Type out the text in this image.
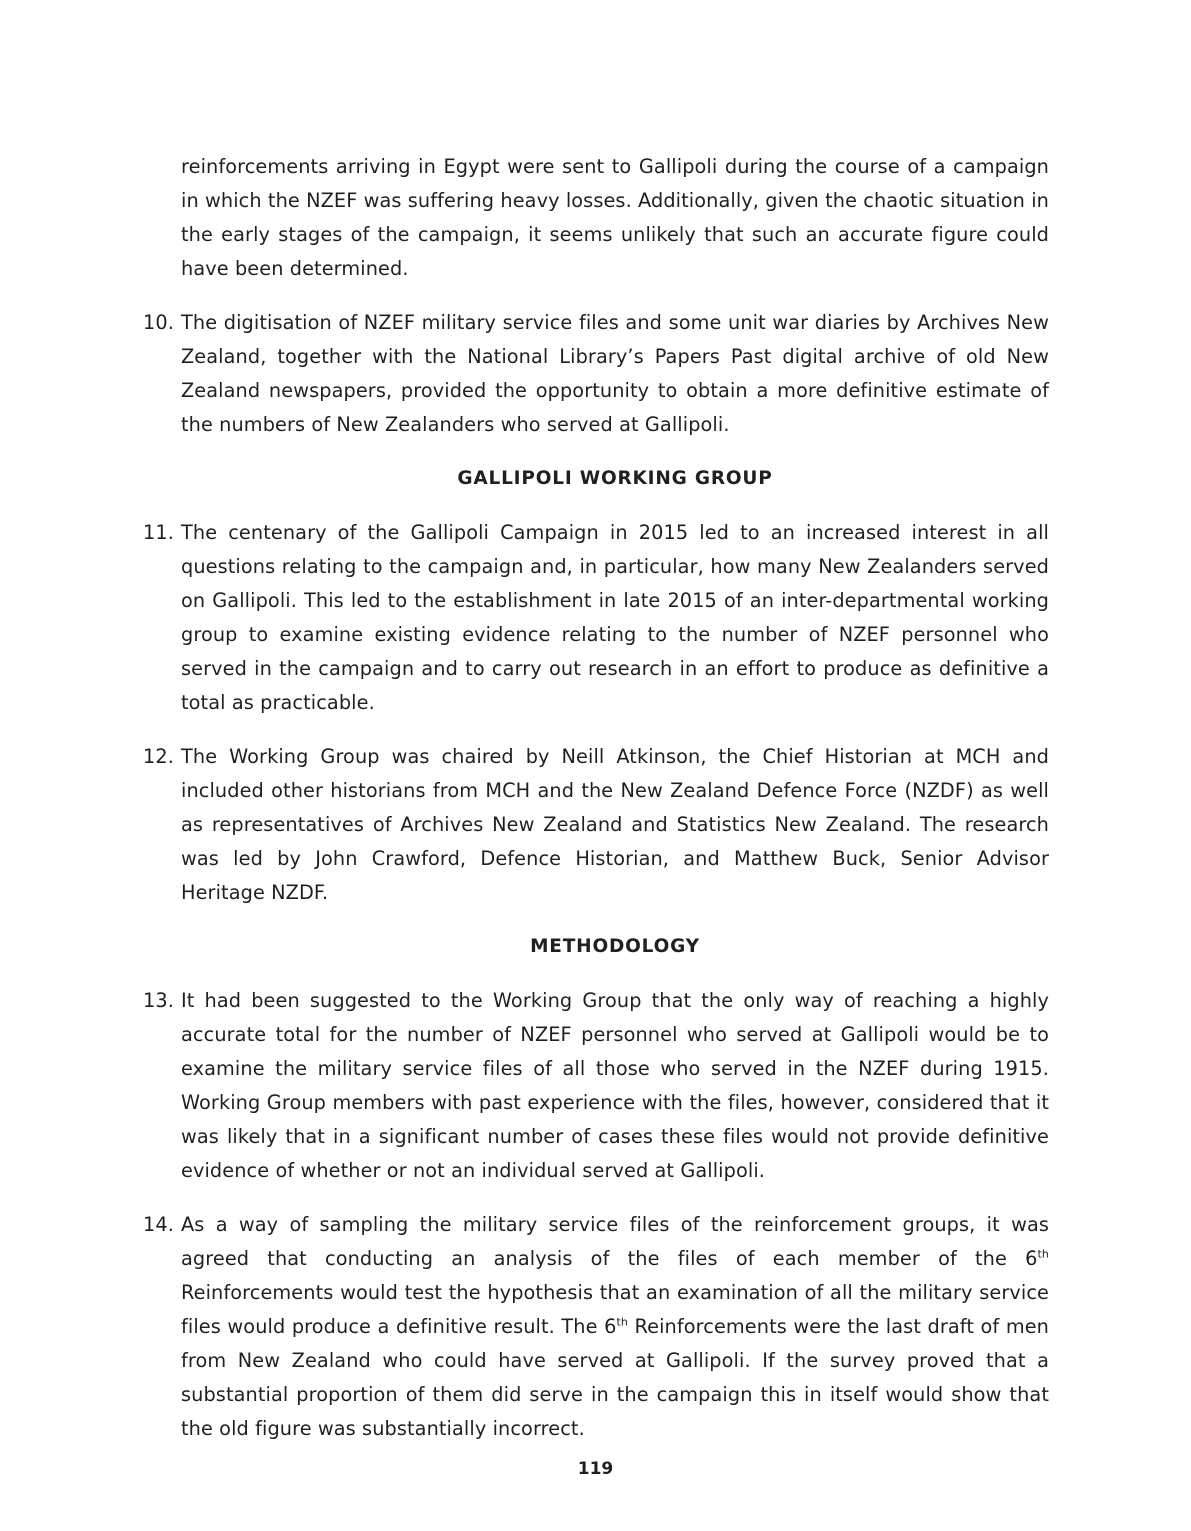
reinforcements arriving in Egypt were sent to Gallipoli during the course of a campaign in which the NZEF was suffering heavy losses. Additionally, given the chaotic situation in the early stages of the campaign, it seems unlikely that such an accurate figure could have been determined.

10. The digitisation of NZEF military service files and some unit war diaries by Archives New Zealand, together with the National Library’s Papers Past digital archive of old New Zealand newspapers, provided the opportunity to obtain a more definitive estimate of the numbers of New Zealanders who served at Gallipoli.

GALLIPOLI WORKING GROUP

11. The centenary of the Gallipoli Campaign in 2015 led to an increased interest in all questions relating to the campaign and, in particular, how many New Zealanders served on Gallipoli. This led to the establishment in late 2015 of an inter-departmental working group to examine existing evidence relating to the number of NZEF personnel who served in the campaign and to carry out research in an effort to produce as definitive a total as practicable.

12. The Working Group was chaired by Neill Atkinson, the Chief Historian at MCH and included other historians from MCH and the New Zealand Defence Force (NZDF) as well as representatives of Archives New Zealand and Statistics New Zealand. The research was led by John Crawford, Defence Historian, and Matthew Buck, Senior Advisor Heritage NZDF.

METHODOLOGY

13. It had been suggested to the Working Group that the only way of reaching a highly accurate total for the number of NZEF personnel who served at Gallipoli would be to examine the military service files of all those who served in the NZEF during 1915. Working Group members with past experience with the files, however, considered that it was likely that in a significant number of cases these files would not provide definitive evidence of whether or not an individual served at Gallipoli.

14. As a way of sampling the military service files of the reinforcement groups, it was agreed that conducting an analysis of the files of each member of the 6th Reinforcements would test the hypothesis that an examination of all the military service files would produce a definitive result. The 6th Reinforcements were the last draft of men from New Zealand who could have served at Gallipoli. If the survey proved that a substantial proportion of them did serve in the campaign this in itself would show that the old figure was substantially incorrect.

119
